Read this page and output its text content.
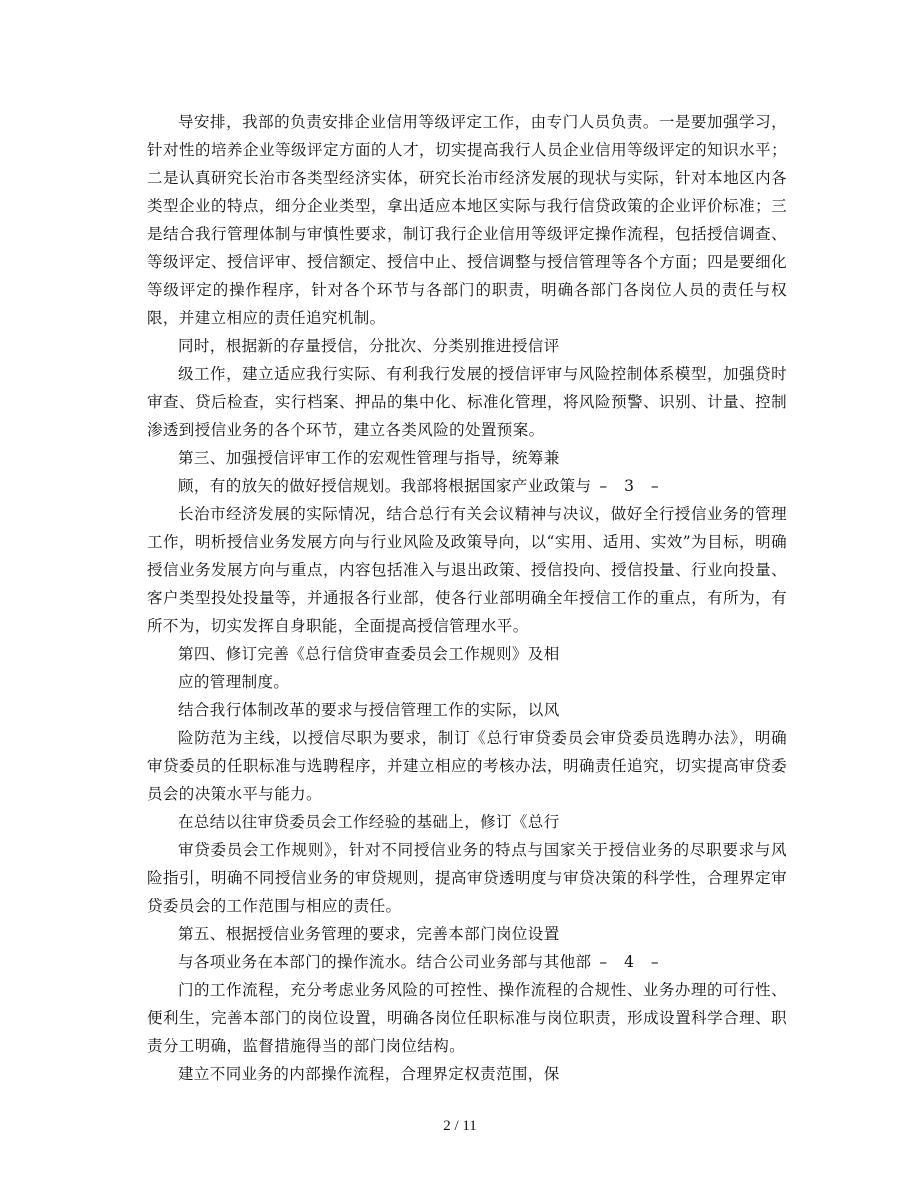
导安排，我部的负责安排企业信用等级评定工作，由专门人员负责。一是要加强学习，针对性的培养企业等级评定方面的人才，切实提高我行人员企业信用等级评定的知识水平；二是认真研究长治市各类型经济实体，研究长治市经济发展的现状与实际，针对本地区内各类型企业的特点，细分企业类型，拿出适应本地区实际与我行信贷政策的企业评价标准；三是结合我行管理体制与审慎性要求，制订我行企业信用等级评定操作流程，包括授信调查、等级评定、授信评审、授信额定、授信中止、授信调整与授信管理等各个方面；四是要细化等级评定的操作程序，针对各个环节与各部门的职责，明确各部门各岗位人员的责任与权限，并建立相应的责任追究机制。

同时，根据新的存量授信，分批次、分类别推进授信评

级工作，建立适应我行实际、有利我行发展的授信评审与风险控制体系模型，加强贷时审查、贷后检查，实行档案、押品的集中化、标准化管理，将风险预警、识别、计量、控制渗透到授信业务的各个环节，建立各类风险的处置预案。

第三、加强授信评审工作的宏观性管理与指导，统筹兼

顾，有的放矢的做好授信规划。我部将根据国家产业政策与 – 3 –

长治市经济发展的实际情况，结合总行有关会议精神与决议，做好全行授信业务的管理工作，明析授信业务发展方向与行业风险及政策导向，以“实用、适用、实效”为目标，明确授信业务发展方向与重点，内容包括准入与退出政策、授信投向、授信投量、行业向投量、客户类型投处投量等，并通报各行业部，使各行业部明确全年授信工作的重点，有所为，有所不为，切实发挥自身职能，全面提高授信管理水平。

第四、修订完善《总行信贷审查委员会工作规则》及相

应的管理制度。

结合我行体制改革的要求与授信管理工作的实际，以风

险防范为主线，以授信尽职为要求，制订《总行审贷委员会审贷委员选聘办法》，明确审贷委员的任职标准与选聘程序，并建立相应的考核办法，明确责任追究，切实提高审贷委员会的决策水平与能力。

在总结以往审贷委员会工作经验的基础上，修订《总行

审贷委员会工作规则》，针对不同授信业务的特点与国家关于授信业务的尽职要求与风险指引，明确不同授信业务的审贷规则，提高审贷透明度与审贷决策的科学性，合理界定审贷委员会的工作范围与相应的责任。

第五、根据授信业务管理的要求，完善本部门岗位设置

与各项业务在本部门的操作流水。结合公司业务部与其他部 – 4 –

门的工作流程，充分考虑业务风险的可控性、操作流程的合规性、业务办理的可行性、便利生，完善本部门的岗位设置，明确各岗位任职标准与岗位职责，形成设置科学合理、职责分工明确，监督措施得当的部门岗位结构。

建立不同业务的内部操作流程，合理界定权责范围，保

2 / 11
